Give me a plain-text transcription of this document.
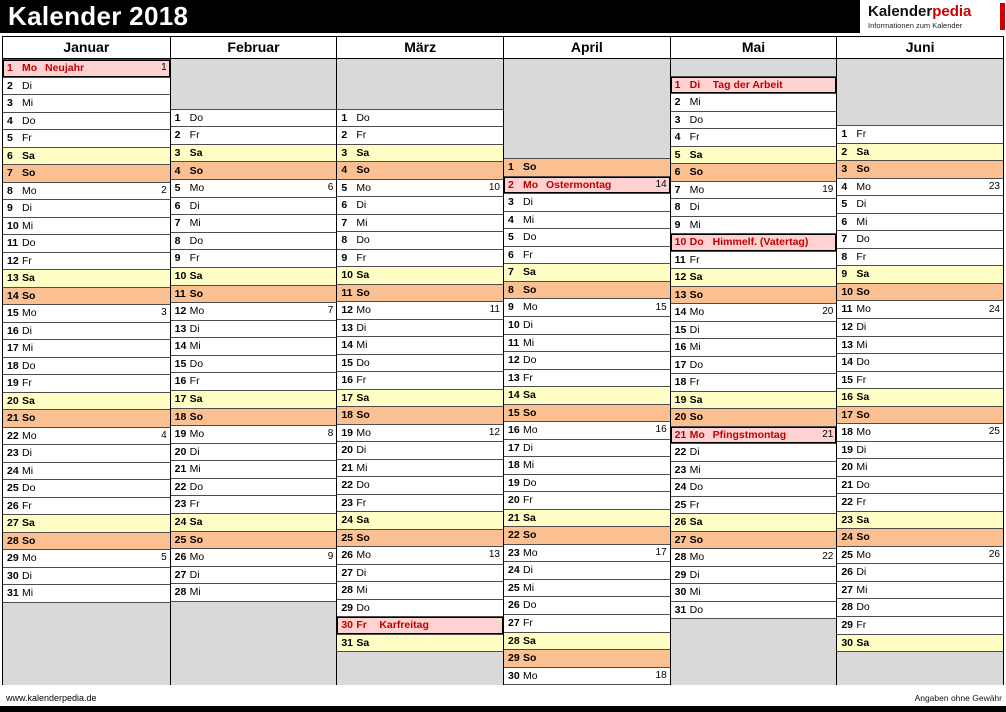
Kalender 2018	Kalenderpedia
Informationen zum Kalender
Januar	Februar	März	April	Mai	Juni
1 Mo Neujahr	1
2 Di
3 Mi
4 Do
5 Fr
6 Sa
7 So
8 Mo	2
9 Di
10 Mi
11 Do
12 Fr
13 Sa
14 So
15 Mo	3
16 Di
17 Mi
18 Do
19 Fr
20 Sa
21 So
22 Mo	4
23 Di
24 Mi
25 Do
26 Fr
27 Sa
28 So
29 Mo	5
30 Di
31 Mi
1 Do
2 Fr
3 Sa
4 So
5 Mo	6
6 Di
7 Mi
8 Do
9 Fr
10 Sa
11 So
12 Mo	7
13 Di
14 Mi
15 Do
16 Fr
17 Sa
18 So
19 Mo	8
20 Di
21 Mi
22 Do
23 Fr
24 Sa
25 So
26 Mo	9
27 Di
28 Mi
1 Do
2 Fr
3 Sa
4 So
5 Mo	10
6 Di
7 Mi
8 Do
9 Fr
10 Sa
11 So
12 Mo	11
13 Di
14 Mi
15 Do
16 Fr
17 Sa
18 So
19 Mo	12
20 Di
21 Mi
22 Do
23 Fr
24 Sa
25 So
26 Mo	13
27 Di
28 Mi
29 Do
30 Fr	Karfreitag
31 Sa
1 So
2 Mo Ostermontag	14
3 Di
4 Mi
5 Do
6 Fr
7 Sa
8 So
9 Mo	15
10 Di
11 Mi
12 Do
13 Fr
14 Sa
15 So
16 Mo	16
17 Di
18 Mi
19 Do
20 Fr
21 Sa
22 So
23 Mo	17
24 Di
25 Mi
26 Do
27 Fr
28 Sa
29 So
30 Mo	18
1 Di	Tag der Arbeit
2 Mi
3 Do
4 Fr
5 Sa
6 So
7 Mo	19
8 Di
9 Mi
10 Do Himmelf. (Vatertag)
11 Fr
12 Sa
13 So
14 Mo	20
15 Di
16 Mi
17 Do
18 Fr
19 Sa
20 So
21 Mo Pfingstmontag	21
22 Di
23 Mi
24 Do
25 Fr
26 Sa
27 So
28 Mo	22
29 Di
30 Mi
31 Do
1 Fr
2 Sa
3 So
4 Mo	23
5 Di
6 Mi
7 Do
8 Fr
9 Sa
10 So
11 Mo	24
12 Di
13 Mi
14 Do
15 Fr
16 Sa
17 So
18 Mo	25
19 Di
20 Mi
21 Do
22 Fr
23 Sa
24 So
25 Mo	26
26 Di
27 Mi
28 Do
29 Fr
30 Sa
www.kalenderpedia.de	Angaben ohne Gewähr
